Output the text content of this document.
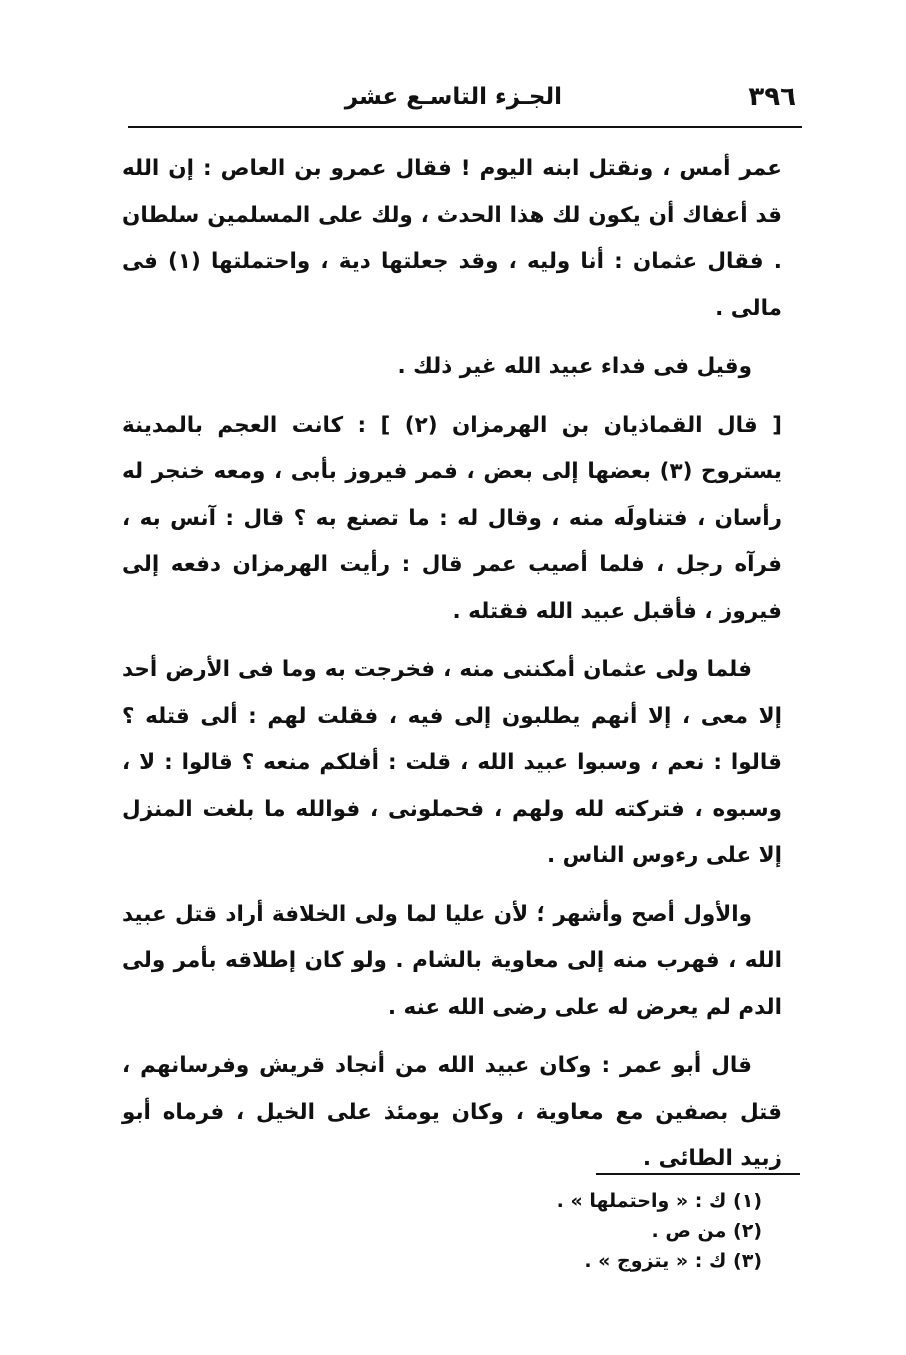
٣٩٦
الجـزء التاسـع عشر

عمر أمس ، ونقتل ابنه اليوم ! فقال عمرو بن العاص : إن الله قد أعفاك أن يكون لك هذا الحدث ، ولك على المسلمين سلطان . فقال عثمان : أنا وليه ، وقد جعلتها دية ، واحتملتها (١) فى مالى .

وقيل فى فداء عبيد الله غير ذلك .

[ قال القماذيان بن الهرمزان (٢) ] : كانت العجم بالمدينة يستروح (٣) بعضها إلى بعض ، فمر فيروز بأبى ، ومعه خنجر له رأسان ، فتناولَه منه ، وقال له : ما تصنع به ؟ قال : آنس به ، فرآه رجل ، فلما أصيب عمر قال : رأيت الهرمزان دفعه إلى فيروز ، فأقبل عبيد الله فقتله .

فلما ولى عثمان أمكننى منه ، فخرجت به وما فى الأرض أحد إلا معى ، إلا أنهم يطلبون إلى فيه ، فقلت لهم : ألى قتله ؟ قالوا : نعم ، وسبوا عبيد الله ، قلت : أفلكم منعه ؟ قالوا : لا ، وسبوه ، فتركته لله ولهم ، فحملونى ، فوالله ما بلغت المنزل إلا على رءوس الناس .

والأول أصح وأشهر ؛ لأن عليا لما ولى الخلافة أراد قتل عبيد الله ، فهرب منه إلى معاوية بالشام . ولو كان إطلاقه بأمر ولى الدم لم يعرض له على رضى الله عنه .

قال أبو عمر : وكان عبيد الله من أنجاد قريش وفرسانهم ، قتل بصفين مع معاوية ، وكان يومئذ على الخيل ، فرماه أبو زبيد الطائى .

(١) ك : « واحتملها » .
(٢) من ص .
(٣) ك : « يتزوج » .
